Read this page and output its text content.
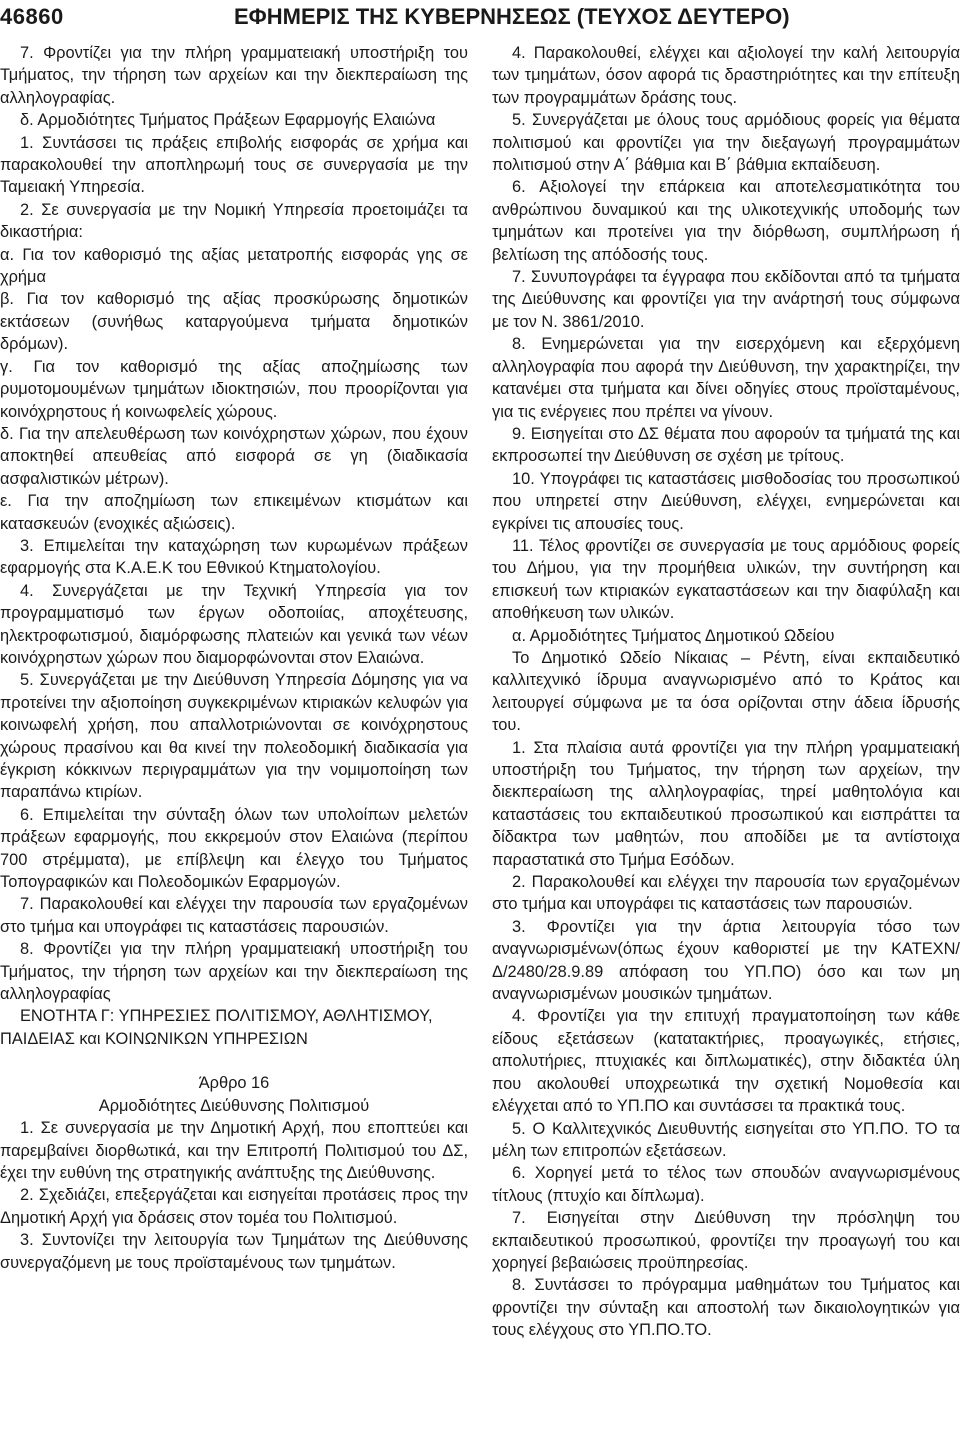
46860	ΕΦΗΜΕΡΙΣ ΤΗΣ ΚΥΒΕΡΝΗΣΕΩΣ (ΤΕΥΧΟΣ ΔΕΥΤΕΡΟ)

7. Φροντίζει για την πλήρη γραμματειακή υποστήριξη του Τμήματος, την τήρηση των αρχείων και την διεκπεραίωση της αλληλογραφίας.

δ. Αρμοδιότητες Τμήματος Πράξεων Εφαρμογής Ελαιώνα

1. Συντάσσει τις πράξεις επιβολής εισφοράς σε χρήμα και παρακολουθεί την αποπληρωμή τους σε συνεργασία με την Ταμειακή Υπηρεσία.

2. Σε συνεργασία με την Νομική Υπηρεσία προετοιμάζει τα δικαστήρια:

α. Για τον καθορισμό της αξίας μετατροπής εισφοράς γης σε χρήμα

β. Για τον καθορισμό της αξίας προσκύρωσης δημοτικών εκτάσεων (συνήθως καταργούμενα τμήματα δημοτικών δρόμων).

γ. Για τον καθορισμό της αξίας αποζημίωσης των ρυμοτομουμένων τμημάτων ιδιοκτησιών, που προορίζονται για κοινόχρηστους ή κοινωφελείς χώρους.

δ. Για την απελευθέρωση των κοινόχρηστων χώρων, που έχουν αποκτηθεί απευθείας από εισφορά σε γη (διαδικασία ασφαλιστικών μέτρων).

ε. Για την αποζημίωση των επικειμένων κτισμάτων και κατασκευών (ενοχικές αξιώσεις).

3. Επιμελείται την καταχώρηση των κυρωμένων πράξεων εφαρμογής στα Κ.Α.Ε.Κ του Εθνικού Κτηματολογίου.

4. Συνεργάζεται με την Τεχνική Υπηρεσία για τον προγραμματισμό των έργων οδοποιίας, αποχέτευσης, ηλεκτροφωτισμού, διαμόρφωσης πλατειών και γενικά των νέων κοινόχρηστων χώρων που διαμορφώνονται στον Ελαιώνα.

5. Συνεργάζεται με την Διεύθυνση Υπηρεσία Δόμησης για να προτείνει την αξιοποίηση συγκεκριμένων κτιριακών κελυφών για κοινωφελή χρήση, που απαλλοτριώνονται σε κοινόχρηστους χώρους πρασίνου και θα κινεί την πολεοδομική διαδικασία για έγκριση κόκκινων περιγραμμάτων για την νομιμοποίηση των παραπάνω κτιρίων.

6. Επιμελείται την σύνταξη όλων των υπολοίπων μελετών πράξεων εφαρμογής, που εκκρεμούν στον Ελαιώνα (περίπου 700 στρέμματα), με επίβλεψη και έλεγχο του Τμήματος Τοπογραφικών και Πολεοδομικών Εφαρμογών.

7. Παρακολουθεί και ελέγχει την παρουσία των εργαζομένων στο τμήμα και υπογράφει τις καταστάσεις παρουσιών.

8. Φροντίζει για την πλήρη γραμματειακή υποστήριξη του Τμήματος, την τήρηση των αρχείων και την διεκπεραίωση της αλληλογραφίας

ΕΝΟΤΗΤΑ Γ: ΥΠΗΡΕΣΙΕΣ ΠΟΛΙΤΙΣΜΟΥ, ΑΘΛΗΤΙΣΜΟΥ, ΠΑΙΔΕΙΑΣ και ΚΟΙΝΩΝΙΚΩΝ ΥΠΗΡΕΣΙΩΝ

Άρθρο 16

Αρμοδιότητες Διεύθυνσης Πολιτισμού

1. Σε συνεργασία με την Δημοτική Αρχή, που εποπτεύει και παρεμβαίνει διορθωτικά, και την Επιτροπή Πολιτισμού του ΔΣ, έχει την ευθύνη της στρατηγικής ανάπτυξης της Διεύθυνσης.

2. Σχεδιάζει, επεξεργάζεται και εισηγείται προτάσεις προς την Δημοτική Αρχή για δράσεις στον τομέα του Πολιτισμού.

3. Συντονίζει την λειτουργία των Τμημάτων της Διεύθυνσης συνεργαζόμενη με τους προϊσταμένους των τμημάτων.

4. Παρακολουθεί, ελέγχει και αξιολογεί την καλή λειτουργία των τμημάτων, όσον αφορά τις δραστηριότητες και την επίτευξη των προγραμμάτων δράσης τους.

5. Συνεργάζεται με όλους τους αρμόδιους φορείς για θέματα πολιτισμού και φροντίζει για την διεξαγωγή προγραμμάτων πολιτισμού στην Α΄ βάθμια και Β΄ βάθμια εκπαίδευση.

6. Αξιολογεί την επάρκεια και αποτελεσματικότητα του ανθρώπινου δυναμικού και της υλικοτεχνικής υποδομής των τμημάτων και προτείνει για την διόρθωση, συμπλήρωση ή βελτίωση της απόδοσής τους.

7. Συνυπογράφει τα έγγραφα που εκδίδονται από τα τμήματα της Διεύθυνσης και φροντίζει για την ανάρτησή τους σύμφωνα με τον Ν. 3861/2010.

8. Ενημερώνεται για την εισερχόμενη και εξερχόμενη αλληλογραφία που αφορά την Διεύθυνση, την χαρακτηρίζει, την κατανέμει στα τμήματα και δίνει οδηγίες στους προϊσταμένους, για τις ενέργειες που πρέπει να γίνουν.

9. Εισηγείται στο ΔΣ θέματα που αφορούν τα τμήματά της και εκπροσωπεί την Διεύθυνση σε σχέση με τρίτους.

10. Υπογράφει τις καταστάσεις μισθοδοσίας του προσωπικού που υπηρετεί στην Διεύθυνση, ελέγχει, ενημερώνεται και εγκρίνει τις απουσίες τους.

11. Τέλος φροντίζει σε συνεργασία με τους αρμόδιους φορείς του Δήμου, για την προμήθεια υλικών, την συντήρηση και επισκευή των κτιριακών εγκαταστάσεων και την διαφύλαξη και αποθήκευση των υλικών.

α. Αρμοδιότητες Τμήματος Δημοτικού Ωδείου

Το Δημοτικό Ωδείο Νίκαιας – Ρέντη, είναι εκπαιδευτικό καλλιτεχνικό ίδρυμα αναγνωρισμένο από το Κράτος και λειτουργεί σύμφωνα με τα όσα ορίζονται στην άδεια ίδρυσής του.

1. Στα πλαίσια αυτά φροντίζει για την πλήρη γραμματειακή υποστήριξη του Τμήματος, την τήρηση των αρχείων, την διεκπεραίωση της αλληλογραφίας, τηρεί μαθητολόγια και καταστάσεις του εκπαιδευτικού προσωπικού και εισπράττει τα δίδακτρα των μαθητών, που αποδίδει με τα αντίστοιχα παραστατικά στο Τμήμα Εσόδων.

2. Παρακολουθεί και ελέγχει την παρουσία των εργαζομένων στο τμήμα και υπογράφει τις καταστάσεις των παρουσιών.

3. Φροντίζει για την άρτια λειτουργία τόσο των αναγνωρισμένων(όπως έχουν καθοριστεί με την ΚΑΤΕΧΝ/Δ/2480/28.9.89 απόφαση του ΥΠ.ΠΟ) όσο και των μη αναγνωρισμένων μουσικών τμημάτων.

4. Φροντίζει για την επιτυχή πραγματοποίηση των κάθε είδους εξετάσεων (κατατακτήριες, προαγωγικές, ετήσιες, απολυτήριες, πτυχιακές και διπλωματικές), στην διδακτέα ύλη που ακολουθεί υποχρεωτικά την σχετική Νομοθεσία και ελέγχεται από το ΥΠ.ΠΟ και συντάσσει τα πρακτικά τους.

5. Ο Καλλιτεχνικός Διευθυντής εισηγείται στο ΥΠ.ΠΟ. ΤΟ τα μέλη των επιτροπών εξετάσεων.

6. Χορηγεί μετά το τέλος των σπουδών αναγνωρισμένους τίτλους (πτυχίο και δίπλωμα).

7. Εισηγείται στην Διεύθυνση την πρόσληψη του εκπαιδευτικού προσωπικού, φροντίζει την προαγωγή του και χορηγεί βεβαιώσεις προϋπηρεσίας.

8. Συντάσσει το πρόγραμμα μαθημάτων του Τμήματος και φροντίζει την σύνταξη και αποστολή των δικαιολογητικών για τους ελέγχους στο ΥΠ.ΠΟ.ΤΟ.
